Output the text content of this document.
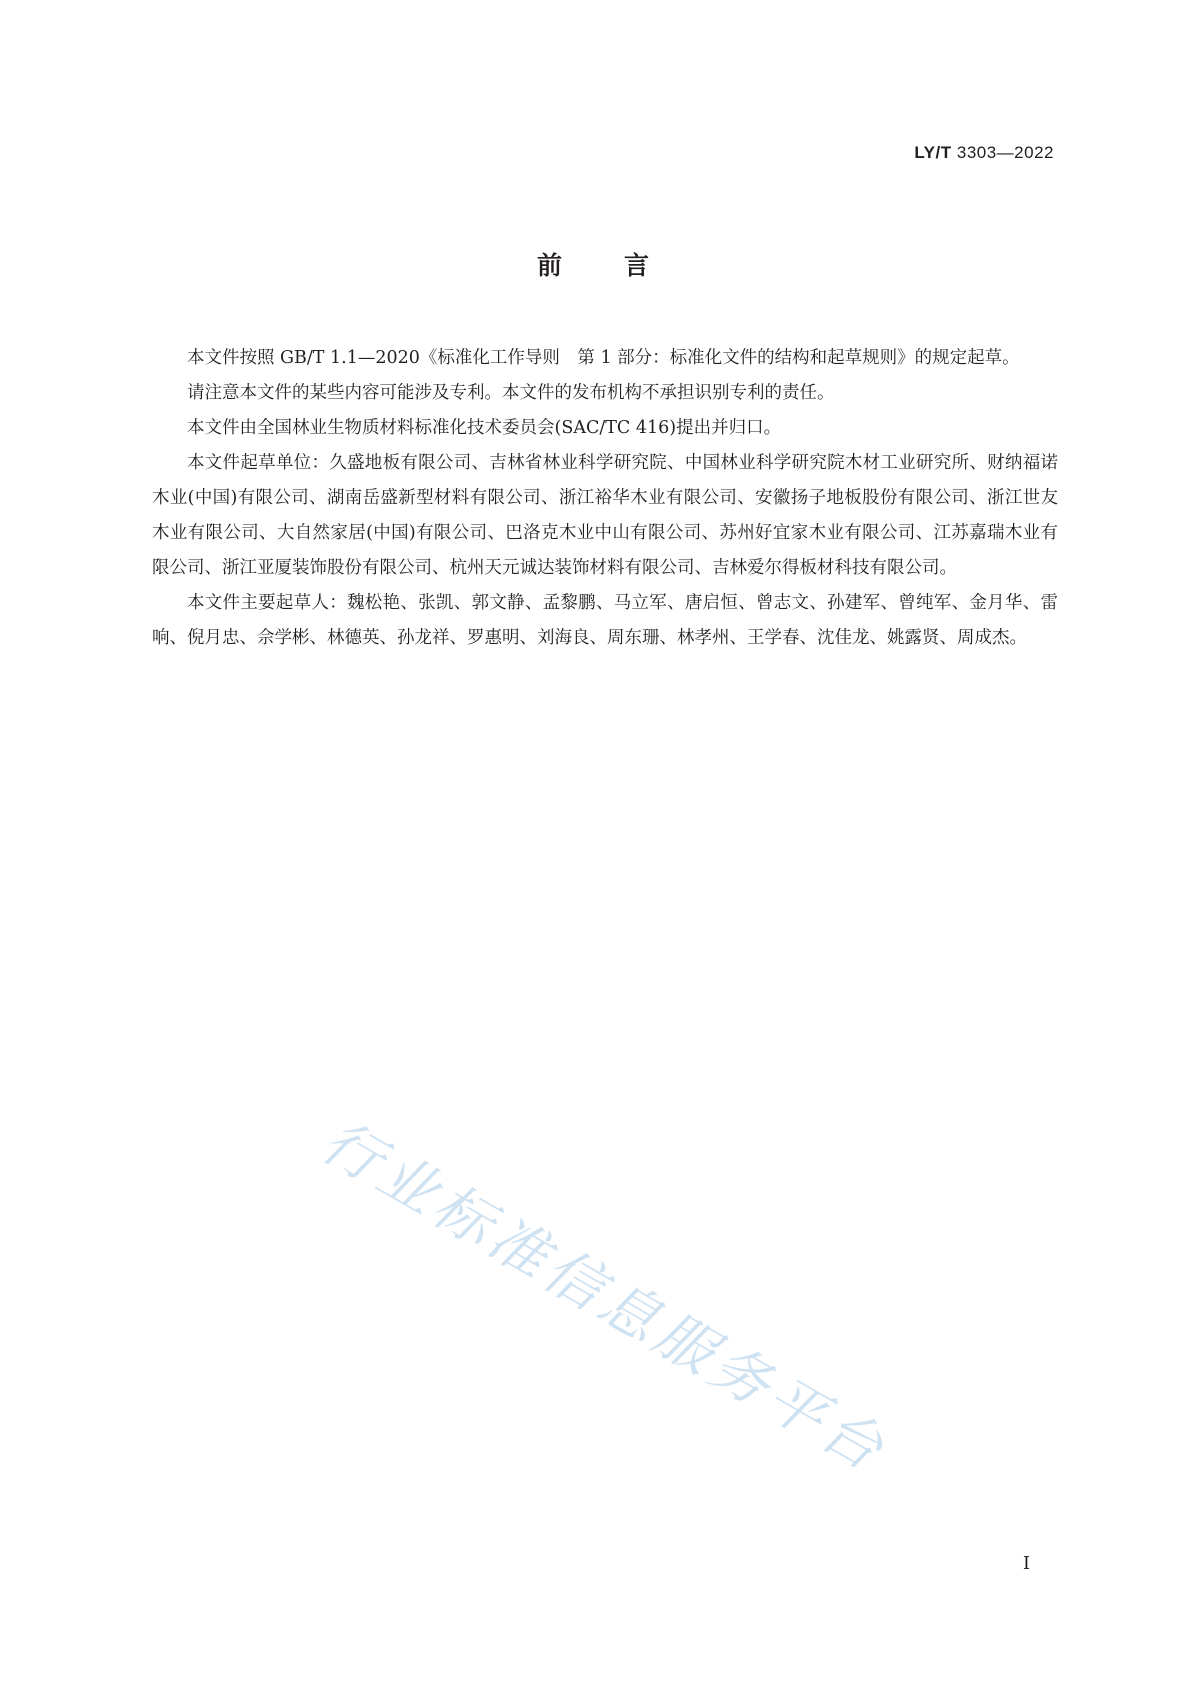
LY/T 3303—2022
前 言

本文件按照 GB/T 1.1—2020《标准化工作导则　第 1 部分：标准化文件的结构和起草规则》的规定起草。

请注意本文件的某些内容可能涉及专利。本文件的发布机构不承担识别专利的责任。

本文件由全国林业生物质材料标准化技术委员会(SAC/TC 416)提出并归口。

本文件起草单位：久盛地板有限公司、吉林省林业科学研究院、中国林业科学研究院木材工业研究所、财纳福诺木业(中国)有限公司、湖南岳盛新型材料有限公司、浙江裕华木业有限公司、安徽扬子地板股份有限公司、浙江世友木业有限公司、大自然家居(中国)有限公司、巴洛克木业中山有限公司、苏州好宜家木业有限公司、江苏嘉瑞木业有限公司、浙江亚厦装饰股份有限公司、杭州天元诚达装饰材料有限公司、吉林爱尔得板材科技有限公司。

本文件主要起草人：魏松艳、张凯、郭文静、孟黎鹏、马立军、唐启恒、曾志文、孙建军、曾纯军、金月华、雷响、倪月忠、佘学彬、林德英、孙龙祥、罗惠明、刘海良、周东珊、林孝州、王学春、沈佳龙、姚露贤、周成杰。

行业标准信息服务平台
I
